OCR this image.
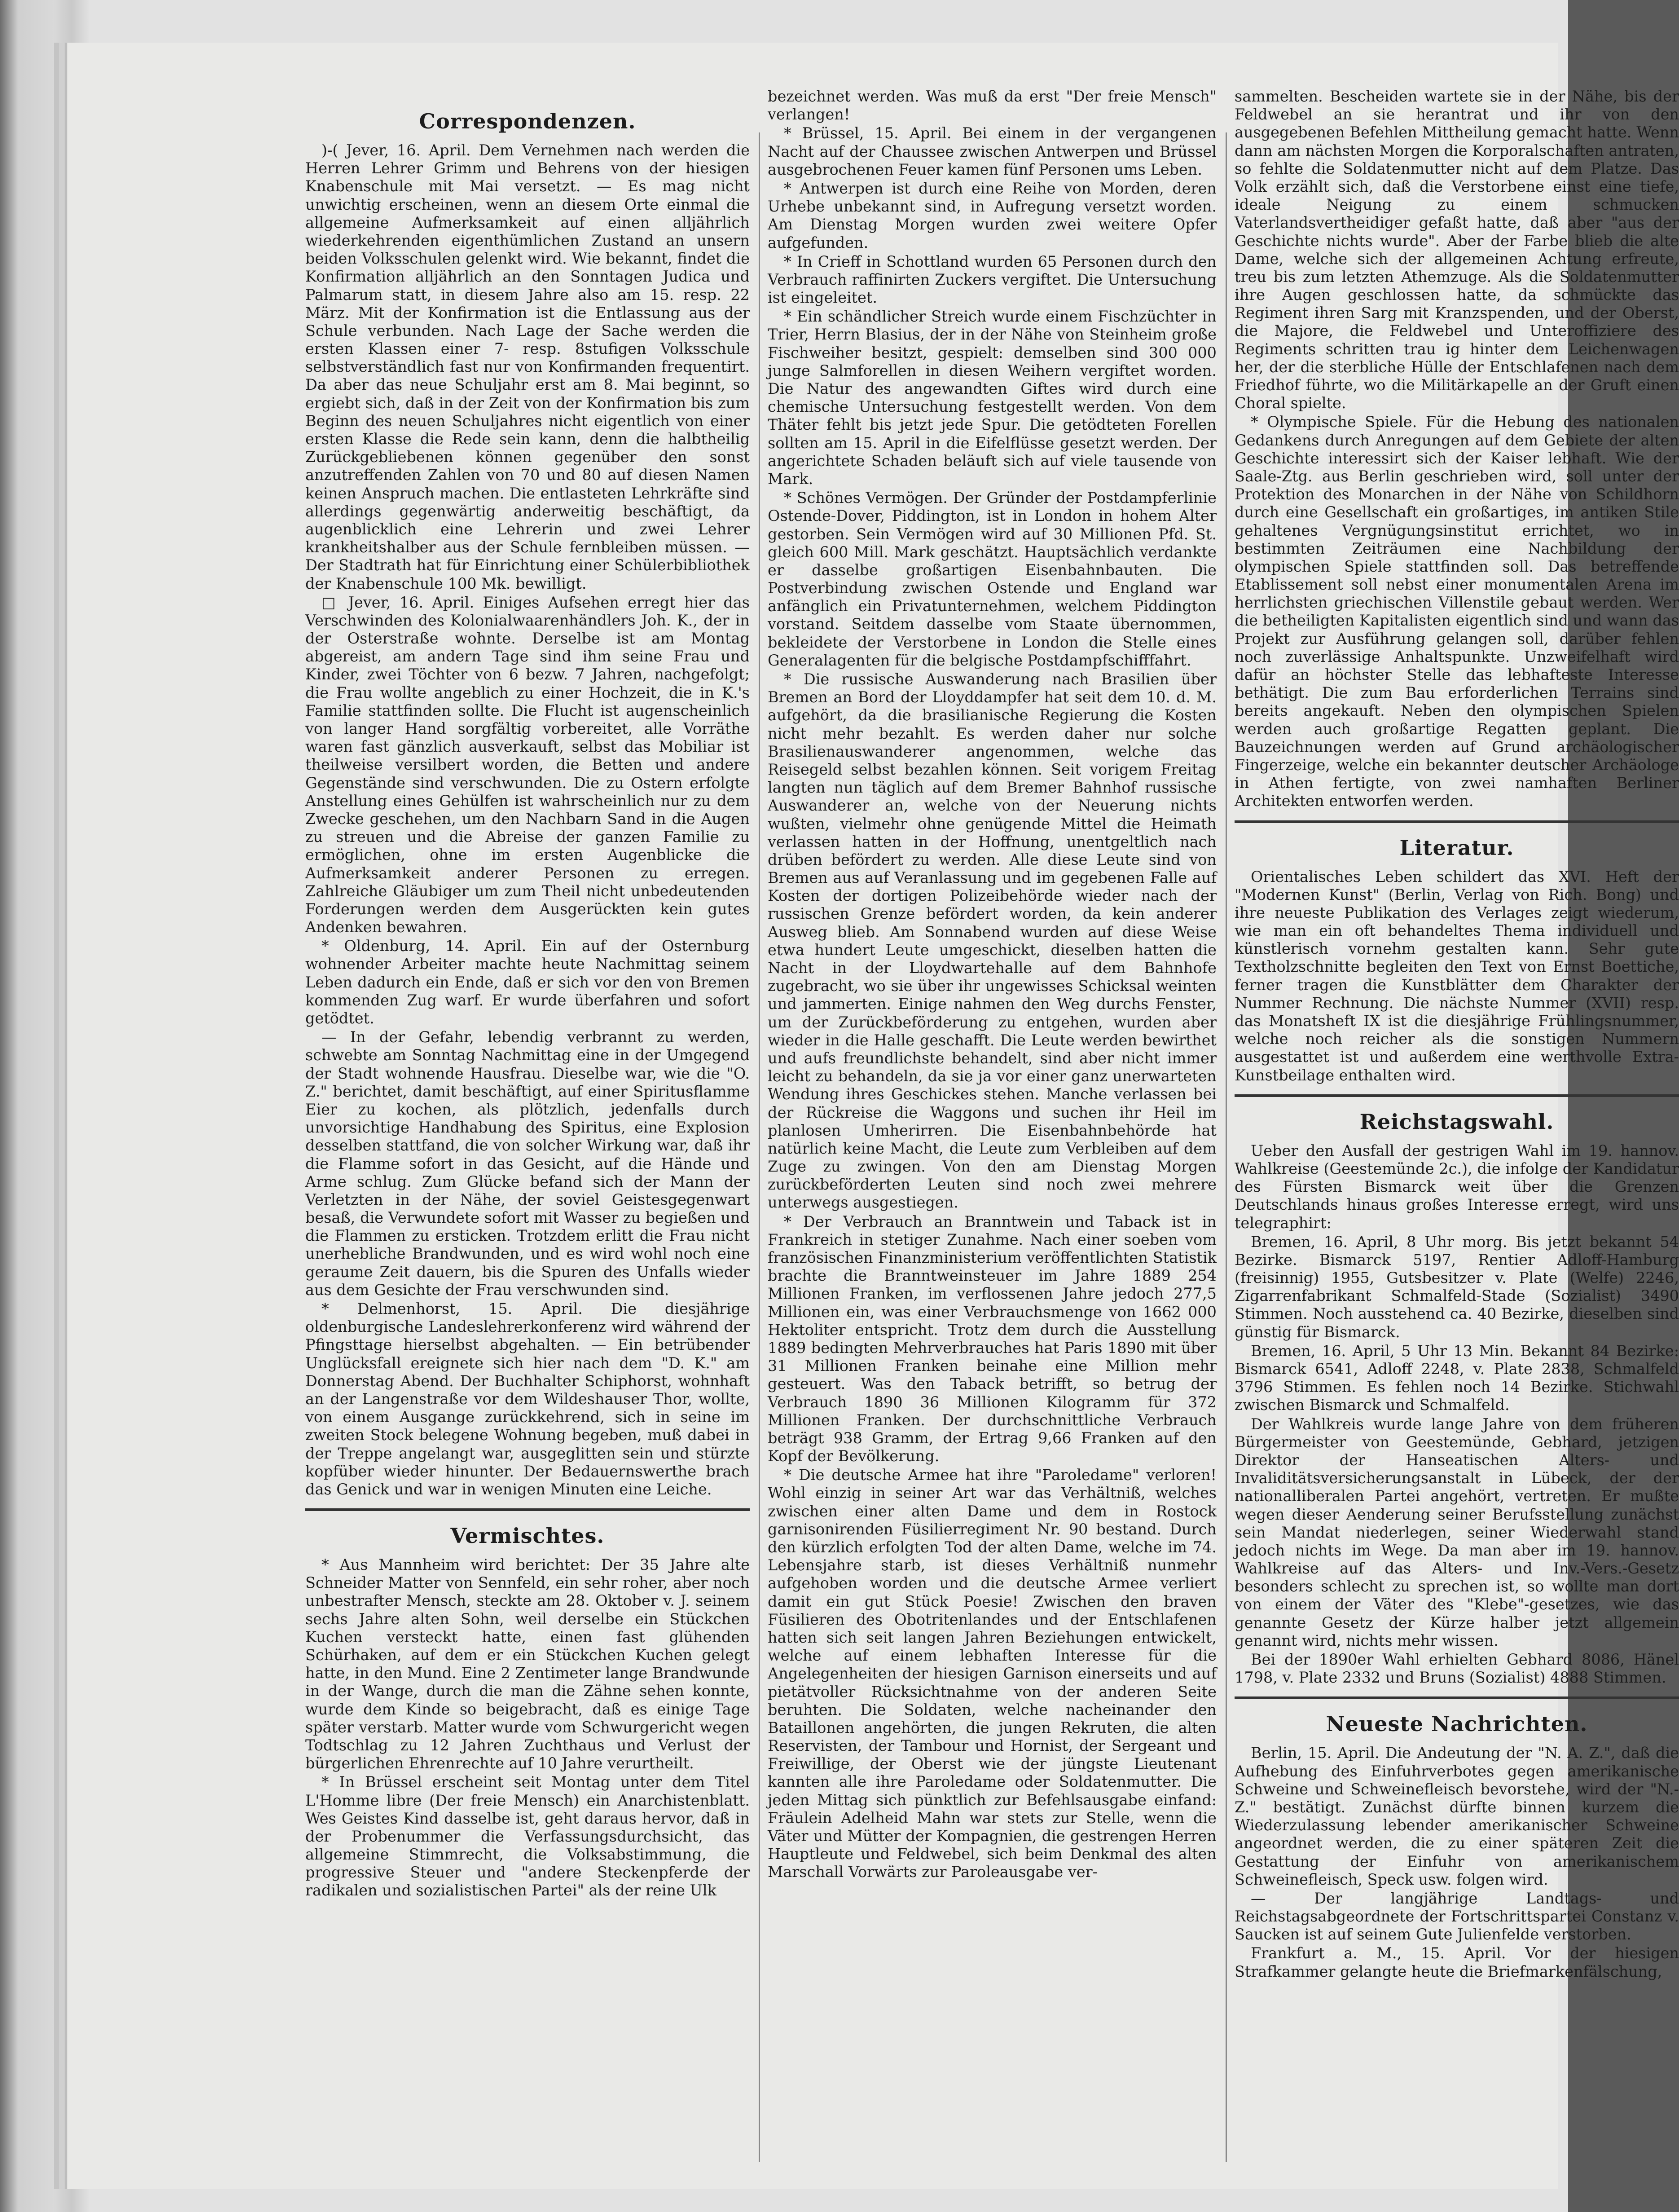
Correspondenzen.

)-( Jever, 16. April. Dem Vernehmen nach werden die Herren Lehrer Grimm und Behrens von der hiesigen Knabenschule mit Mai versetzt. — Es mag nicht unwichtig erscheinen, wenn an diesem Orte einmal die allgemeine Aufmerksamkeit auf einen alljährlich wiederkehrenden eigenthümlichen Zustand an unsern beiden Volksschulen gelenkt wird. Wie bekannt, findet die Konfirmation alljährlich an den Sonntagen Judica und Palmarum statt, in diesem Jahre also am 15. resp. 22 März. Mit der Konfirmation ist die Entlassung aus der Schule verbunden. Nach Lage der Sache werden die ersten Klassen einer 7- resp. 8stufigen Volksschule selbstverständlich fast nur von Konfirmanden frequentirt. Da aber das neue Schuljahr erst am 8. Mai beginnt, so ergiebt sich, daß in der Zeit von der Konfirmation bis zum Beginn des neuen Schuljahres nicht eigentlich von einer ersten Klasse die Rede sein kann, denn die halbtheilig Zurückgebliebenen können gegenüber den sonst anzutreffenden Zahlen von 70 und 80 auf diesen Namen keinen Anspruch machen. Die entlasteten Lehrkräfte sind allerdings gegenwärtig anderweitig beschäftigt, da augenblicklich eine Lehrerin und zwei Lehrer krankheitshalber aus der Schule fernbleiben müssen. — Der Stadtrath hat für Einrichtung einer Schülerbibliothek der Knabenschule 100 Mk. bewilligt.

□ Jever, 16. April. Einiges Aufsehen erregt hier das Verschwinden des Kolonialwaarenhändlers Joh. K., der in der Osterstraße wohnte. Derselbe ist am Montag abgereist, am andern Tage sind ihm seine Frau und Kinder, zwei Töchter von 6 bezw. 7 Jahren, nachgefolgt; die Frau wollte angeblich zu einer Hochzeit, die in K.'s Familie stattfinden sollte. Die Flucht ist augenscheinlich von langer Hand sorgfältig vorbereitet, alle Vorräthe waren fast gänzlich ausverkauft, selbst das Mobiliar ist theilweise versilbert worden, die Betten und andere Gegenstände sind verschwunden. Die zu Ostern erfolgte Anstellung eines Gehülfen ist wahrscheinlich nur zu dem Zwecke geschehen, um den Nachbarn Sand in die Augen zu streuen und die Abreise der ganzen Familie zu ermöglichen, ohne im ersten Augenblicke die Aufmerksamkeit anderer Personen zu erregen. Zahlreiche Gläubiger um zum Theil nicht unbedeutenden Forderungen werden dem Ausgerückten kein gutes Andenken bewahren.

* Oldenburg, 14. April. Ein auf der Osternburg wohnender Arbeiter machte heute Nachmittag seinem Leben dadurch ein Ende, daß er sich vor den von Bremen kommenden Zug warf. Er wurde überfahren und sofort getödtet.

— In der Gefahr, lebendig verbrannt zu werden, schwebte am Sonntag Nachmittag eine in der Umgegend der Stadt wohnende Hausfrau. Dieselbe war, wie die "O. Z." berichtet, damit beschäftigt, auf einer Spiritusflamme Eier zu kochen, als plötzlich, jedenfalls durch unvorsichtige Handhabung des Spiritus, eine Explosion desselben stattfand, die von solcher Wirkung war, daß ihr die Flamme sofort in das Gesicht, auf die Hände und Arme schlug. Zum Glücke befand sich der Mann der Verletzten in der Nähe, der soviel Geistesgegenwart besaß, die Verwundete sofort mit Wasser zu begießen und die Flammen zu ersticken. Trotzdem erlitt die Frau nicht unerhebliche Brandwunden, und es wird wohl noch eine geraume Zeit dauern, bis die Spuren des Unfalls wieder aus dem Gesichte der Frau verschwunden sind.

* Delmenhorst, 15. April. Die diesjährige oldenburgische Landeslehrerkonferenz wird während der Pfingsttage hierselbst abgehalten. — Ein betrübender Unglücksfall ereignete sich hier nach dem "D. K." am Donnerstag Abend. Der Buchhalter Schiphorst, wohnhaft an der Langenstraße vor dem Wildeshauser Thor, wollte, von einem Ausgange zurückkehrend, sich in seine im zweiten Stock belegene Wohnung begeben, muß dabei in der Treppe angelangt war, ausgeglitten sein und stürzte kopfüber wieder hinunter. Der Bedauernswerthe brach das Genick und war in wenigen Minuten eine Leiche.

Vermischtes.

* Aus Mannheim wird berichtet: Der 35 Jahre alte Schneider Matter von Sennfeld, ein sehr roher, aber noch unbestrafter Mensch, steckte am 28. Oktober v. J. seinem sechs Jahre alten Sohn, weil derselbe ein Stückchen Kuchen versteckt hatte, einen fast glühenden Schürhaken, auf dem er ein Stückchen Kuchen gelegt hatte, in den Mund. Eine 2 Zentimeter lange Brandwunde in der Wange, durch die man die Zähne sehen konnte, wurde dem Kinde so beigebracht, daß es einige Tage später verstarb. Matter wurde vom Schwurgericht wegen Todtschlag zu 12 Jahren Zuchthaus und Verlust der bürgerlichen Ehrenrechte auf 10 Jahre verurtheilt.

* In Brüssel erscheint seit Montag unter dem Titel L'Homme libre (Der freie Mensch) ein Anarchistenblatt. Wes Geistes Kind dasselbe ist, geht daraus hervor, daß in der Probenummer die Verfassungsdurchsicht, das allgemeine Stimmrecht, die Volksabstimmung, die progressive Steuer und "andere Steckenpferde der radikalen und sozialistischen Partei" als der reine Ulk

bezeichnet werden. Was muß da erst "Der freie Mensch" verlangen!

* Brüssel, 15. April. Bei einem in der vergangenen Nacht auf der Chaussee zwischen Antwerpen und Brüssel ausgebrochenen Feuer kamen fünf Personen ums Leben.

* Antwerpen ist durch eine Reihe von Morden, deren Urhebe unbekannt sind, in Aufregung versetzt worden. Am Dienstag Morgen wurden zwei weitere Opfer aufgefunden.

* In Crieff in Schottland wurden 65 Personen durch den Verbrauch raffinirten Zuckers vergiftet. Die Untersuchung ist eingeleitet.

* Ein schändlicher Streich wurde einem Fischzüchter in Trier, Herrn Blasius, der in der Nähe von Steinheim große Fischweiher besitzt, gespielt: demselben sind 300 000 junge Salmforellen in diesen Weihern vergiftet worden. Die Natur des angewandten Giftes wird durch eine chemische Untersuchung festgestellt werden. Von dem Thäter fehlt bis jetzt jede Spur. Die getödteten Forellen sollten am 15. April in die Eifelflüsse gesetzt werden. Der angerichtete Schaden beläuft sich auf viele tausende von Mark.

* Schönes Vermögen. Der Gründer der Postdampferlinie Ostende-Dover, Piddington, ist in London in hohem Alter gestorben. Sein Vermögen wird auf 30 Millionen Pfd. St. gleich 600 Mill. Mark geschätzt. Hauptsächlich verdankte er dasselbe großartigen Eisenbahnbauten. Die Postverbindung zwischen Ostende und England war anfänglich ein Privatunternehmen, welchem Piddington vorstand. Seitdem dasselbe vom Staate übernommen, bekleidete der Verstorbene in London die Stelle eines Generalagenten für die belgische Postdampfschifffahrt.

* Die russische Auswanderung nach Brasilien über Bremen an Bord der Lloyddampfer hat seit dem 10. d. M. aufgehört, da die brasilianische Regierung die Kosten nicht mehr bezahlt. Es werden daher nur solche Brasilienauswanderer angenommen, welche das Reisegeld selbst bezahlen können. Seit vorigem Freitag langten nun täglich auf dem Bremer Bahnhof russische Auswanderer an, welche von der Neuerung nichts wußten, vielmehr ohne genügende Mittel die Heimath verlassen hatten in der Hoffnung, unentgeltlich nach drüben befördert zu werden. Alle diese Leute sind von Bremen aus auf Veranlassung und im gegebenen Falle auf Kosten der dortigen Polizeibehörde wieder nach der russischen Grenze befördert worden, da kein anderer Ausweg blieb. Am Sonnabend wurden auf diese Weise etwa hundert Leute umgeschickt, dieselben hatten die Nacht in der Lloydwartehalle auf dem Bahnhofe zugebracht, wo sie über ihr ungewisses Schicksal weinten und jammerten. Einige nahmen den Weg durchs Fenster, um der Zurückbeförderung zu entgehen, wurden aber wieder in die Halle geschafft. Die Leute werden bewirthet und aufs freundlichste behandelt, sind aber nicht immer leicht zu behandeln, da sie ja vor einer ganz unerwarteten Wendung ihres Geschickes stehen. Manche verlassen bei der Rückreise die Waggons und suchen ihr Heil im planlosen Umherirren. Die Eisenbahnbehörde hat natürlich keine Macht, die Leute zum Verbleiben auf dem Zuge zu zwingen. Von den am Dienstag Morgen zurückbeförderten Leuten sind noch zwei mehrere unterwegs ausgestiegen.

* Der Verbrauch an Branntwein und Taback ist in Frankreich in stetiger Zunahme. Nach einer soeben vom französischen Finanzministerium veröffentlichten Statistik brachte die Branntweinsteuer im Jahre 1889 254 Millionen Franken, im verflossenen Jahre jedoch 277,5 Millionen ein, was einer Verbrauchsmenge von 1662 000 Hektoliter entspricht. Trotz dem durch die Ausstellung 1889 bedingten Mehrverbrauches hat Paris 1890 mit über 31 Millionen Franken beinahe eine Million mehr gesteuert. Was den Taback betrifft, so betrug der Verbrauch 1890 36 Millionen Kilogramm für 372 Millionen Franken. Der durchschnittliche Verbrauch beträgt 938 Gramm, der Ertrag 9,66 Franken auf den Kopf der Bevölkerung.

* Die deutsche Armee hat ihre "Paroledame" verloren! Wohl einzig in seiner Art war das Verhältniß, welches zwischen einer alten Dame und dem in Rostock garnisonirenden Füsilierregiment Nr. 90 bestand. Durch den kürzlich erfolgten Tod der alten Dame, welche im 74. Lebensjahre starb, ist dieses Verhältniß nunmehr aufgehoben worden und die deutsche Armee verliert damit ein gut Stück Poesie! Zwischen den braven Füsilieren des Obotritenlandes und der Entschlafenen hatten sich seit langen Jahren Beziehungen entwickelt, welche auf einem lebhaften Interesse für die Angelegenheiten der hiesigen Garnison einerseits und auf pietätvoller Rücksichtnahme von der anderen Seite beruhten. Die Soldaten, welche nacheinander den Bataillonen angehörten, die jungen Rekruten, die alten Reservisten, der Tambour und Hornist, der Sergeant und Freiwillige, der Oberst wie der jüngste Lieutenant kannten alle ihre Paroledame oder Soldatenmutter. Die jeden Mittag sich pünktlich zur Befehlsausgabe einfand: Fräulein Adelheid Mahn war stets zur Stelle, wenn die Väter und Mütter der Kompagnien, die gestrengen Herren Hauptleute und Feldwebel, sich beim Denkmal des alten Marschall Vorwärts zur Paroleausgabe ver-

sammelten. Bescheiden wartete sie in der Nähe, bis der Feldwebel an sie herantrat und ihr von den ausgegebenen Befehlen Mittheilung gemacht hatte. Wenn dann am nächsten Morgen die Korporalschaften antraten, so fehlte die Soldatenmutter nicht auf dem Platze. Das Volk erzählt sich, daß die Verstorbene einst eine tiefe, ideale Neigung zu einem schmucken Vaterlandsvertheidiger gefaßt hatte, daß aber "aus der Geschichte nichts wurde". Aber der Farbe blieb die alte Dame, welche sich der allgemeinen Achtung erfreute, treu bis zum letzten Athemzuge. Als die Soldatenmutter ihre Augen geschlossen hatte, da schmückte das Regiment ihren Sarg mit Kranzspenden, und der Oberst, die Majore, die Feldwebel und Unteroffiziere des Regiments schritten trau ig hinter dem Leichenwagen her, der die sterbliche Hülle der Entschlafenen nach dem Friedhof führte, wo die Militärkapelle an der Gruft einen Choral spielte.

* Olympische Spiele. Für die Hebung des nationalen Gedankens durch Anregungen auf dem Gebiete der alten Geschichte interessirt sich der Kaiser lebhaft. Wie der Saale-Ztg. aus Berlin geschrieben wird, soll unter der Protektion des Monarchen in der Nähe von Schildhorn durch eine Gesellschaft ein großartiges, im antiken Stile gehaltenes Vergnügungsinstitut errichtet, wo in bestimmten Zeiträumen eine Nachbildung der olympischen Spiele stattfinden soll. Das betreffende Etablissement soll nebst einer monumentalen Arena im herrlichsten griechischen Villenstile gebaut werden. Wer die betheiligten Kapitalisten eigentlich sind und wann das Projekt zur Ausführung gelangen soll, darüber fehlen noch zuverlässige Anhaltspunkte. Unzweifelhaft wird dafür an höchster Stelle das lebhafteste Interesse bethätigt. Die zum Bau erforderlichen Terrains sind bereits angekauft. Neben den olympischen Spielen werden auch großartige Regatten geplant. Die Bauzeichnungen werden auf Grund archäologischer Fingerzeige, welche ein bekannter deutscher Archäologe in Athen fertigte, von zwei namhaften Berliner Architekten entworfen werden.

Literatur.

Orientalisches Leben schildert das XVI. Heft der "Modernen Kunst" (Berlin, Verlag von Rich. Bong) und ihre neueste Publikation des Verlages zeigt wiederum, wie man ein oft behandeltes Thema individuell und künstlerisch vornehm gestalten kann. Sehr gute Textholzschnitte begleiten den Text von Ernst Boettiche, ferner tragen die Kunstblätter dem Charakter der Nummer Rechnung. Die nächste Nummer (XVII) resp. das Monatsheft IX ist die diesjährige Frühlingsnummer, welche noch reicher als die sonstigen Nummern ausgestattet ist und außerdem eine werthvolle Extra-Kunstbeilage enthalten wird.

Reichstagswahl.

Ueber den Ausfall der gestrigen Wahl im 19. hannov. Wahlkreise (Geestemünde 2c.), die infolge der Kandidatur des Fürsten Bismarck weit über die Grenzen Deutschlands hinaus großes Interesse erregt, wird uns telegraphirt:

Bremen, 16. April, 8 Uhr morg. Bis jetzt bekannt 54 Bezirke. Bismarck 5197, Rentier Adloff-Hamburg (freisinnig) 1955, Gutsbesitzer v. Plate (Welfe) 2246, Zigarrenfabrikant Schmalfeld-Stade (Sozialist) 3490 Stimmen. Noch ausstehend ca. 40 Bezirke, dieselben sind günstig für Bismarck.

Bremen, 16. April, 5 Uhr 13 Min. Bekannt 84 Bezirke: Bismarck 6541, Adloff 2248, v. Plate 2838, Schmalfeld 3796 Stimmen. Es fehlen noch 14 Bezirke. Stichwahl zwischen Bismarck und Schmalfeld.

Der Wahlkreis wurde lange Jahre von dem früheren Bürgermeister von Geestemünde, Gebhard, jetzigen Direktor der Hanseatischen Alters- und Invaliditätsversicherungsanstalt in Lübeck, der der nationalliberalen Partei angehört, vertreten. Er mußte wegen dieser Aenderung seiner Berufsstellung zunächst sein Mandat niederlegen, seiner Wiederwahl stand jedoch nichts im Wege. Da man aber im 19. hannov. Wahlkreise auf das Alters- und Inv.-Vers.-Gesetz besonders schlecht zu sprechen ist, so wollte man dort von einem der Väter des "Klebe"-gesetzes, wie das genannte Gesetz der Kürze halber jetzt allgemein genannt wird, nichts mehr wissen.

Bei der 1890er Wahl erhielten Gebhard 8086, Hänel 1798, v. Plate 2332 und Bruns (Sozialist) 4888 Stimmen.

Neueste Nachrichten.

Berlin, 15. April. Die Andeutung der "N. A. Z.", daß die Aufhebung des Einfuhrverbotes gegen amerikanische Schweine und Schweinefleisch bevorstehe, wird der "N.-Z." bestätigt. Zunächst dürfte binnen kurzem die Wiederzulassung lebender amerikanischer Schweine angeordnet werden, die zu einer späteren Zeit die Gestattung der Einfuhr von amerikanischem Schweinefleisch, Speck usw. folgen wird.

— Der langjährige Landtags- und Reichstagsabgeordnete der Fortschrittspartei Constanz v. Saucken ist auf seinem Gute Julienfelde verstorben.

Frankfurt a. M., 15. April. Vor der hiesigen Strafkammer gelangte heute die Briefmarkenfälschung,
